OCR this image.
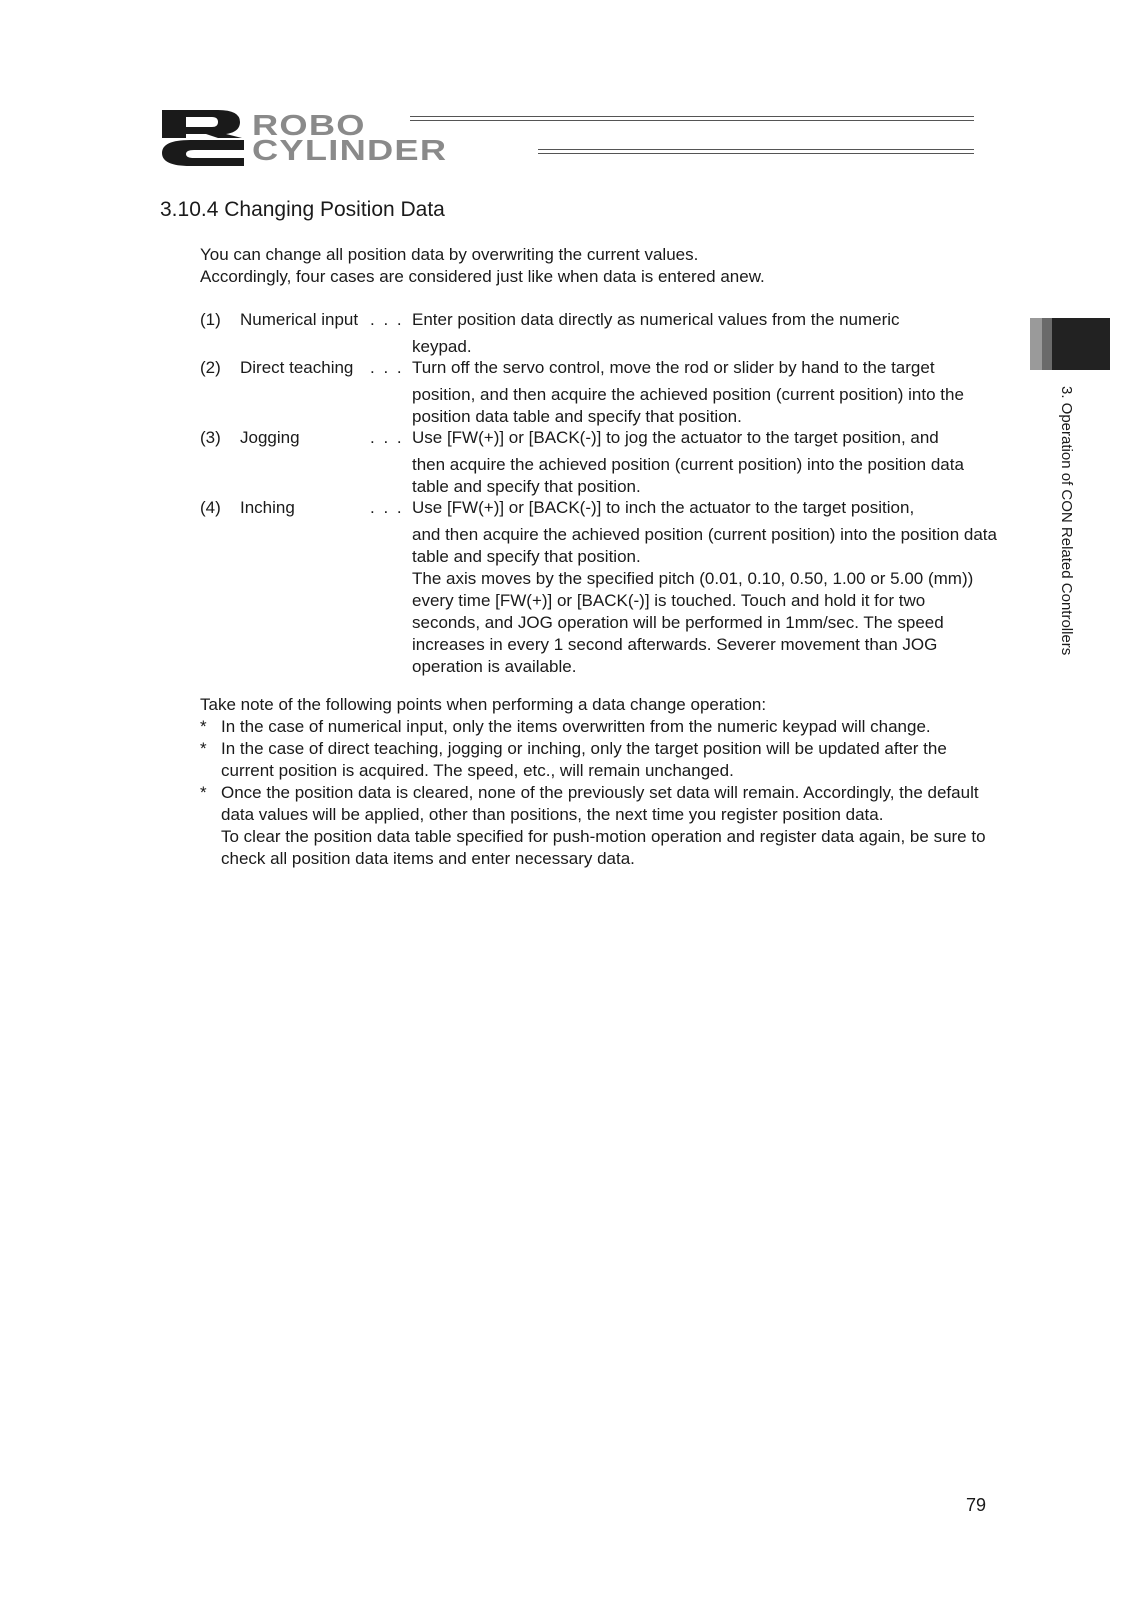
ROBO
CYLINDER
3.10.4 Changing Position Data
You can change all position data by overwriting the current values.
Accordingly, four cases are considered just like when data is entered anew.
(1) Numerical input . . . Enter position data directly as numerical values from the numeric
keypad.
(2) Direct teaching . . . Turn off the servo control, move the rod or slider by hand to the target
position, and then acquire the achieved position (current position) into the position data table and specify that position.
(3) Jogging	. . . Use [FW(+)] or [BACK(-)] to jog the actuator to the target position, and
then acquire the achieved position (current position) into the position data table and specify that position.
(4) Inching	. . . Use [FW(+)] or [BACK(-)] to inch the actuator to the target position,
and then acquire the achieved position (current position) into the position data table and specify that position.
The axis moves by the specified pitch (0.01, 0.10, 0.50, 1.00 or 5.00 (mm)) every time [FW(+)] or [BACK(-)] is touched. Touch and hold it for two seconds, and JOG operation will be performed in 1mm/sec. The speed increases in every 1 second afterwards. Severer movement than JOG operation is available.
Take note of the following points when performing a data change operation:
* In the case of numerical input, only the items overwritten from the numeric keypad will change.
* In the case of direct teaching, jogging or inching, only the target position will be updated after the current position is acquired. The speed, etc., will remain unchanged.
* Once the position data is cleared, none of the previously set data will remain. Accordingly, the default data values will be applied, other than positions, the next time you register position data.
To clear the position data table specified for push-motion operation and register data again, be sure to check all position data items and enter necessary data.
3. Operation of CON Related Controllers
79
